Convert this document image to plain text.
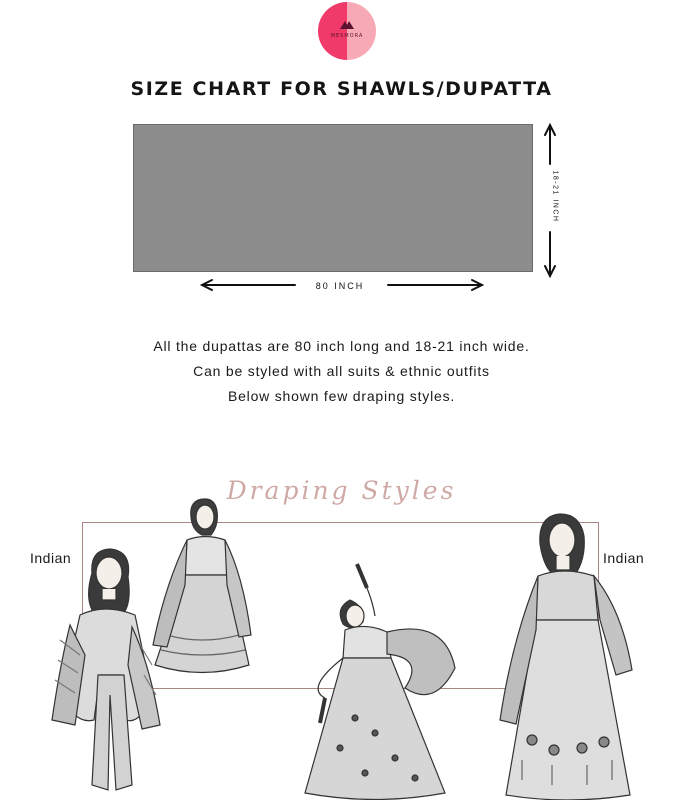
MESMORA
SIZE CHART FOR SHAWLS/DUPATTA
80 INCH
18-21 INCH
All the dupattas are 80 inch long and 18-21 inch wide.
Can be styled with all suits & ethnic outfits
Below shown few draping styles.
Draping Styles
Indian	Indian
